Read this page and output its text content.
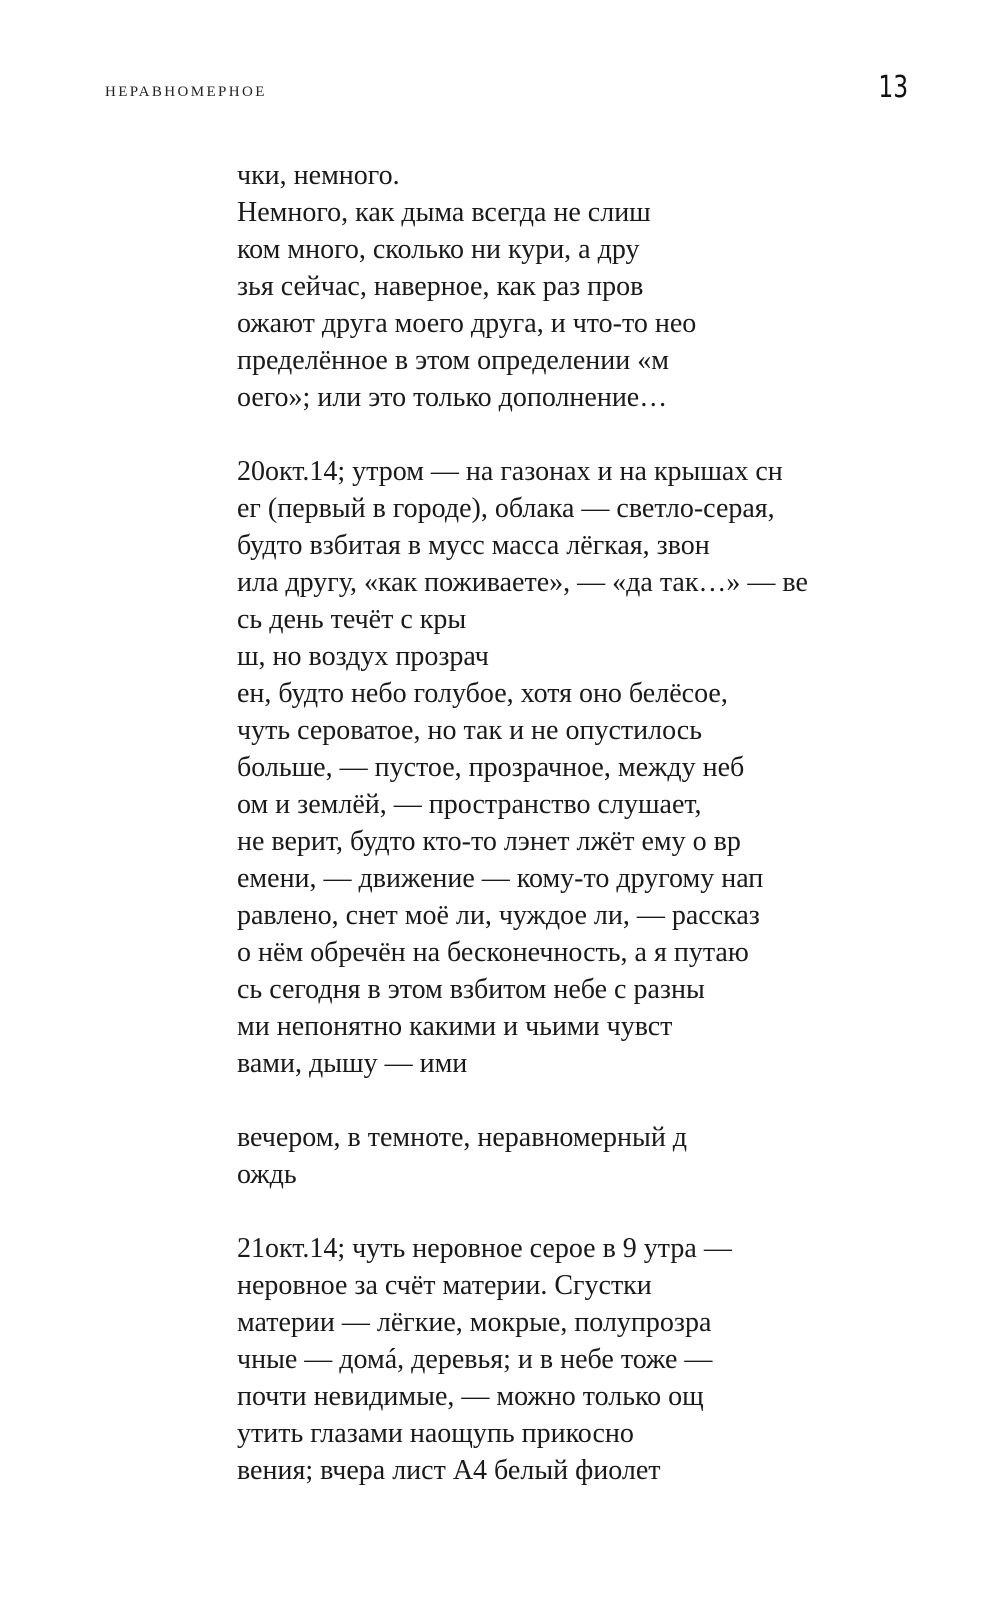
НЕРАВНОМЕРНОЕ	13
чки, немного.
Немного, как дыма всегда не слиш
ком много, сколько ни кури, а дру
зья сейчас, наверное, как раз пров
ожают друга моего друга, и что-то нео
пределённое в этом определении «м
оего»; или это только дополнение…
20окт.14; утром — на газонах и на крышах сн
ег (первый в городе), облака — светло-серая,
будто взбитая в мусс масса лёгкая, звон
ила другу, «как поживаете», — «да так…» — ве
сь день течёт с кры
ш, но воздух прозрач
ен, будто небо голубое, хотя оно белёсое,
чуть сероватое, но так и не опустилось
больше, — пустое, прозрачное, между неб
ом и землёй, — пространство слушает,
не верит, будто кто-то лэнет лжёт ему о вр
емени, — движение — кому-то другому нап
равлено, снет моё ли, чуждое ли, — рассказ
о нём обречён на бесконечность, а я путаю
сь сегодня в этом взбитом небе с разны
ми непонятно какими и чьими чувст
вами, дышу — ими
вечером, в темноте, неравномерный д
ождь
21окт.14; чуть неровное серое в 9 утра —
неровное за счёт материи. Сгустки
материи — лёгкие, мокрые, полупрозра
чные — домá, деревья; и в небе тоже —
почти невидимые, — можно только ощ
утить глазами наощупь прикосно
вения; вчера лист А4 белый фиолет
